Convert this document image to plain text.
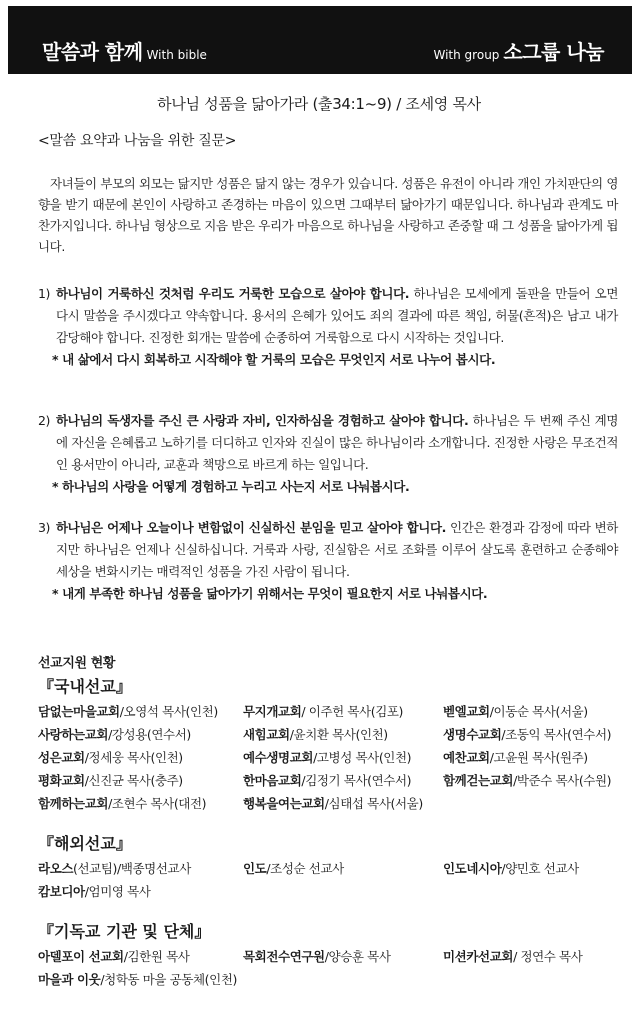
말씀과 함께 With bible	With group 소그룹 나눔
하나님 성품을 닮아가라 (출34:1~9) / 조세영 목사
<말씀 요약과 나눔을 위한 질문>
자녀들이 부모의 외모는 닮지만 성품은 닮지 않는 경우가 있습니다. 성품은 유전이 아니라 개인 가치판단의 영향을 받기 때문에 본인이 사랑하고 존경하는 마음이 있으면 그때부터 닮아가기 때문입니다. 하나님과 관계도 마찬가지입니다. 하나님 형상으로 지음 받은 우리가 마음으로 하나님을 사랑하고 존중할 때 그 성품을 닮아가게 됩니다.
1) 하나님이 거룩하신 것처럼 우리도 거룩한 모습으로 살아야 합니다. 하나님은 모세에게 돌판을 만들어 오면 다시 말씀을 주시겠다고 약속합니다. 용서의 은혜가 있어도 죄의 결과에 따른 책임, 허물(흔적)은 남고 내가 감당해야 합니다. 진정한 회개는 말씀에 순종하여 거룩함으로 다시 시작하는 것입니다.
* 내 삶에서 다시 회복하고 시작해야 할 거룩의 모습은 무엇인지 서로 나누어 봅시다.
2) 하나님의 독생자를 주신 큰 사랑과 자비, 인자하심을 경험하고 살아야 합니다. 하나님은 두 번째 주신 계명에 자신을 은혜롭고 노하기를 더디하고 인자와 진실이 많은 하나님이라 소개합니다. 진정한 사랑은 무조건적인 용서만이 아니라, 교훈과 책망으로 바르게 하는 일입니다.
* 하나님의 사랑을 어떻게 경험하고 누리고 사는지 서로 나눠봅시다.
3) 하나님은 어제나 오늘이나 변함없이 신실하신 분임을 믿고 살아야 합니다. 인간은 환경과 감정에 따라 변하지만 하나님은 언제나 신실하십니다. 거룩과 사랑, 진실함은 서로 조화를 이루어 살도록 훈련하고 순종해야 세상을 변화시키는 매력적인 성품을 가진 사람이 됩니다.
* 내게 부족한 하나님 성품을 닮아가기 위해서는 무엇이 필요한지 서로 나눠봅시다.
선교지원 현황
『국내선교』
담없는마을교회/오영석 목사(인천)	무지개교회/ 이주헌 목사(김포)	벧엘교회/이동순 목사(서울)
사랑하는교회/강성용(연수서)	새힘교회/윤치환 목사(인천)	생명수교회/조동익 목사(연수서)
성은교회/정세웅 목사(인천)	예수생명교회/고병성 목사(인천)	예찬교회/고윤원 목사(원주)
평화교회/신진균 목사(충주)	한마음교회/김정기 목사(연수서)	함께걷는교회/박준수 목사(수원)
함께하는교회/조현수 목사(대전)	행복을여는교회/심태섭 목사(서울)
『해외선교』
라오스(선교팀)/백종명선교사	인도/조성순 선교사	인도네시아/양민호 선교사
캄보디아/엄미영 목사
『기독교 기관 및 단체』
아델포이 선교회/김한원 목사	목회전수연구원/양승훈 목사	미션카선교회/ 정연수 목사
마을과 이웃/청학동 마을 공동체(인천)
